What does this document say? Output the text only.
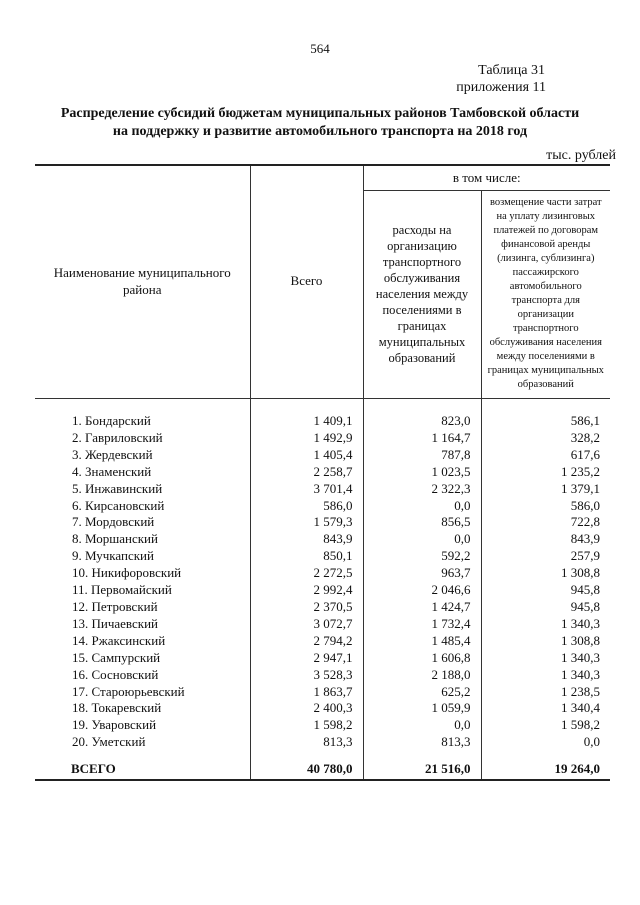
564
Таблица 31
приложения 11
Распределение субсидий бюджетам муниципальных районов Тамбовской области на поддержку и развитие автомобильного транспорта на 2018 год
тыс. рублей
Наименование муниципального района	Всего	в том числе:	
		расходы на организацию транспортного обслуживания населения между поселениями в границах муниципальных образований	возмещение части затрат на уплату лизинговых платежей по договорам финансовой аренды (лизинга, сублизинга) пассажирского автомобильного транспорта для организации транспортного обслуживания населения между поселениями в границах муниципальных образований

1. Бондарский	1 409,1	823,0	586,1
2. Гавриловский	1 492,9	1 164,7	328,2
3. Жердевский	1 405,4	787,8	617,6
4. Знаменский	2 258,7	1 023,5	1 235,2
5. Инжавинский	3 701,4	2 322,3	1 379,1
6. Кирсановский	586,0	0,0	586,0
7. Мордовский	1 579,3	856,5	722,8
8. Моршанский	843,9	0,0	843,9
9. Мучкапский	850,1	592,2	257,9
10. Никифоровский	2 272,5	963,7	1 308,8
11. Первомайский	2 992,4	2 046,6	945,8
12. Петровский	2 370,5	1 424,7	945,8
13. Пичаевский	3 072,7	1 732,4	1 340,3
14. Ржаксинский	2 794,2	1 485,4	1 308,8
15. Сампурский	2 947,1	1 606,8	1 340,3
16. Сосновский	3 528,3	2 188,0	1 340,3
17. Староюрьевский	1 863,7	625,2	1 238,5
18. Токаревский	2 400,3	1 059,9	1 340,4
19. Уваровский	1 598,2	0,0	1 598,2
20. Уметский	813,3	813,3	0,0
ВСЕГО	40 780,0	21 516,0	19 264,0
